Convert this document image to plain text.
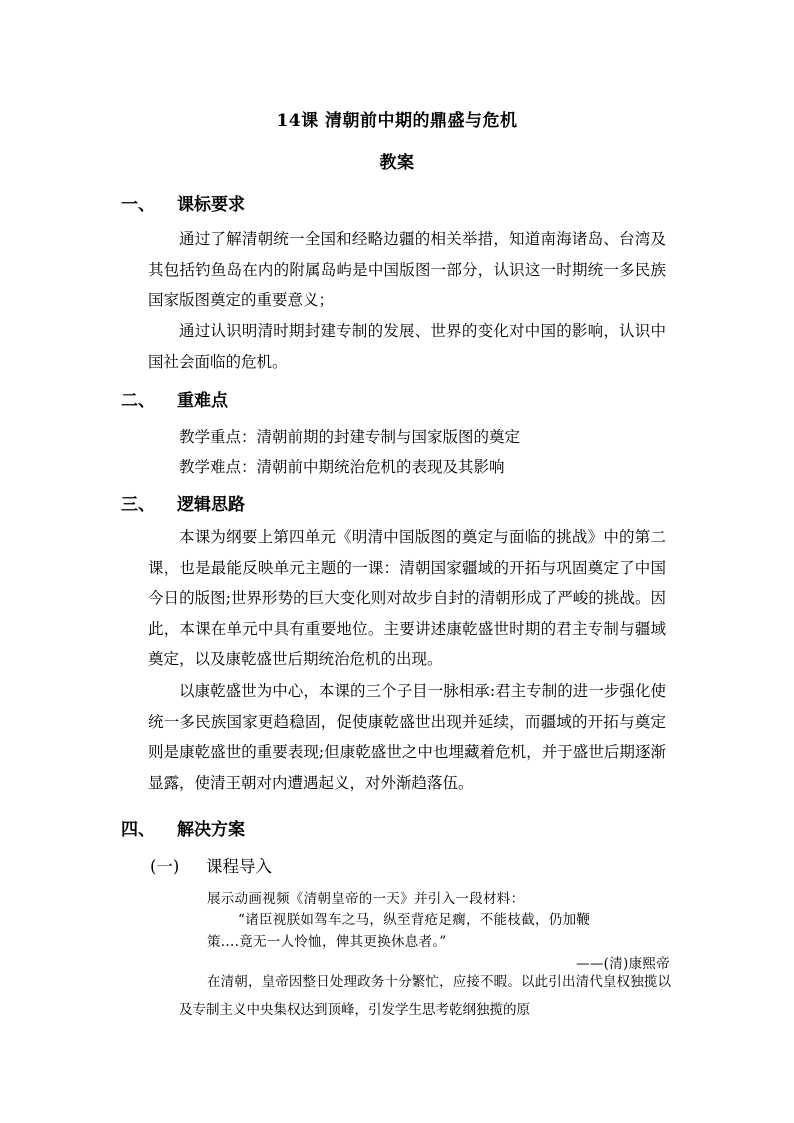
14课 清朝前中期的鼎盛与危机
教案
一、 课标要求
通过了解清朝统一全国和经略边疆的相关举措，知道南海诸岛、台湾及其包括钓鱼岛在内的附属岛屿是中国版图一部分，认识这一时期统一多民族国家版图奠定的重要意义；
通过认识明清时期封建专制的发展、世界的变化对中国的影响，认识中国社会面临的危机。
二、 重难点
教学重点：清朝前期的封建专制与国家版图的奠定
教学难点：清朝前中期统治危机的表现及其影响
三、 逻辑思路
本课为纲要上第四单元《明清中国版图的奠定与面临的挑战》中的第二课，也是最能反映单元主题的一课：清朝国家疆域的开拓与巩固奠定了中国今日的版图;世界形势的巨大变化则对故步自封的清朝形成了严峻的挑战。因此，本课在单元中具有重要地位。主要讲述康乾盛世时期的君主专制与疆域奠定，以及康乾盛世后期统治危机的出现。
以康乾盛世为中心，本课的三个子目一脉相承:君主专制的进一步强化使统一多民族国家更趋稳固，促使康乾盛世出现并延续，而疆域的开拓与奠定则是康乾盛世的重要表现;但康乾盛世之中也埋藏着危机，并于盛世后期逐渐显露，使清王朝对内遭遇起义，对外渐趋落伍。
四、 解决方案
(一) 课程导入
展示动画视频《清朝皇帝的一天》并引入一段材料：
“诸臣视朕如驾车之马，纵至背疮足瘸，不能枝截，仍加鞭
策....竟无一人怜恤，俾其更换休息者。”
——(清)康熙帝
在清朝，皇帝因整日处理政务十分繁忙，应接不暇。以此引出清代皇权独揽以及专制主义中央集权达到顶峰，引发学生思考乾纲独揽的原
